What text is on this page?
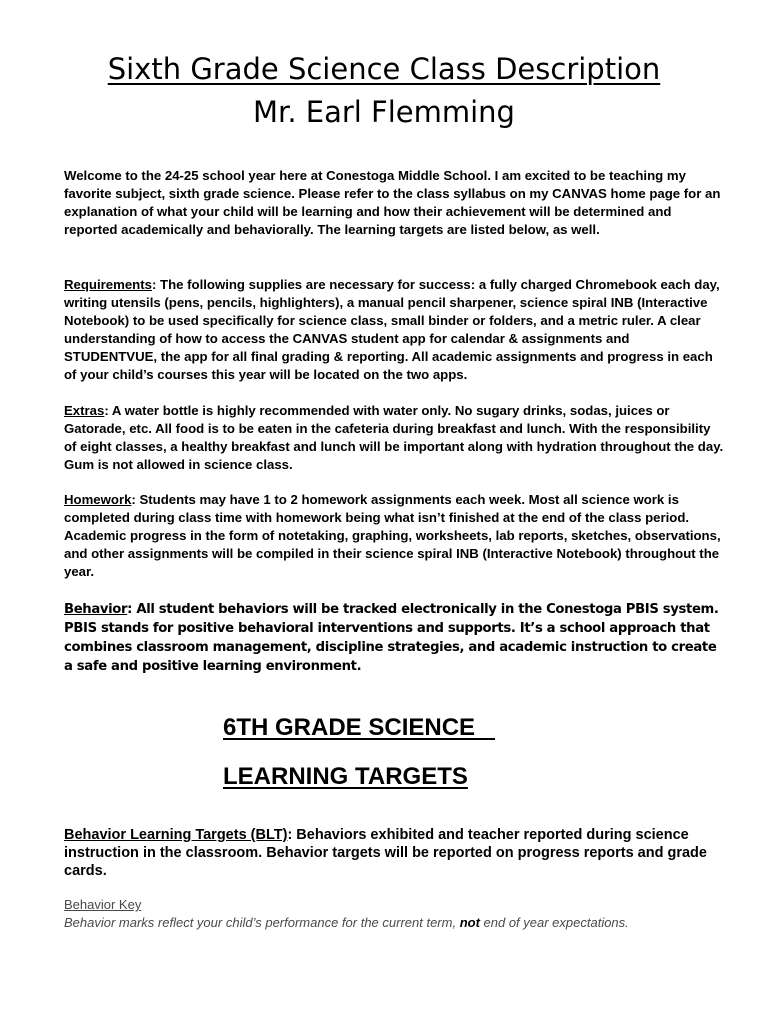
Sixth Grade Science Class Description
Mr. Earl Flemming

Welcome to the 24-25 school year here at Conestoga Middle School. I am excited to be teaching my favorite subject, sixth grade science. Please refer to the class syllabus on my CANVAS home page for an explanation of what your child will be learning and how their achievement will be determined and reported academically and behaviorally. The learning targets are listed below, as well.

Requirements: The following supplies are necessary for success: a fully charged Chromebook each day, writing utensils (pens, pencils, highlighters), a manual pencil sharpener, science spiral INB (Interactive Notebook) to be used specifically for science class, small binder or folders, and a metric ruler. A clear understanding of how to access the CANVAS student app for calendar & assignments and STUDENTVUE, the app for all final grading & reporting. All academic assignments and progress in each of your child’s courses this year will be located on the two apps.

Extras: A water bottle is highly recommended with water only. No sugary drinks, sodas, juices or Gatorade, etc. All food is to be eaten in the cafeteria during breakfast and lunch. With the responsibility of eight classes, a healthy breakfast and lunch will be important along with hydration throughout the day. Gum is not allowed in science class.

Homework: Students may have 1 to 2 homework assignments each week. Most all science work is completed during class time with homework being what isn’t finished at the end of the class period. Academic progress in the form of notetaking, graphing, worksheets, lab reports, sketches, observations, and other assignments will be compiled in their science spiral INB (Interactive Notebook) throughout the year.

Behavior: All student behaviors will be tracked electronically in the Conestoga PBIS system. PBIS stands for positive behavioral interventions and supports. It’s a school approach that combines classroom management, discipline strategies, and academic instruction to create a safe and positive learning environment.

6TH GRADE SCIENCE
LEARNING TARGETS

Behavior Learning Targets (BLT): Behaviors exhibited and teacher reported during science instruction in the classroom. Behavior targets will be reported on progress reports and grade cards.

Behavior Key

Behavior marks reflect your child’s performance for the current term, not end of year expectations.
